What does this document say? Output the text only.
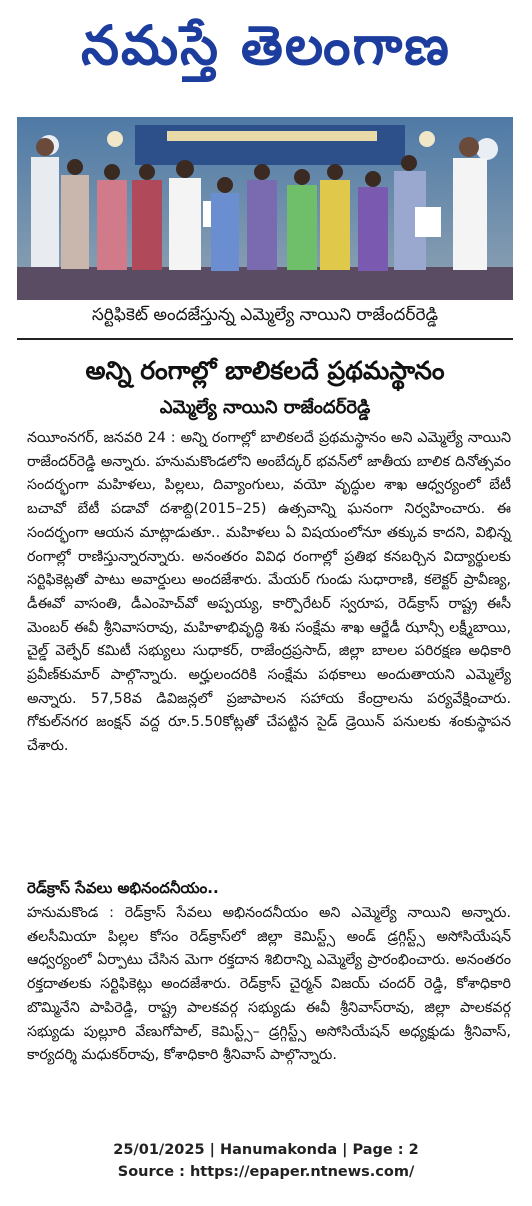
నమస్తే తెలంగాణ
సర్టిఫికెట్ అందజేస్తున్న ఎమ్మెల్యే నాయిని రాజేందర్‌రెడ్డి
అన్ని రంగాల్లో బాలికలదే ప్రథమస్థానం
ఎమ్మెల్యే నాయిని రాజేందర్‌రెడ్డి

నయీంనగర్, జనవరి 24 : అన్ని రంగాల్లో బాలికలదే ప్రథమస్థానం అని ఎమ్మెల్యే నాయిని రాజేందర్‌రెడ్డి అన్నారు. హనుమకొండలోని అంబేద్కర్ భవన్‌లో జాతీయ బాలిక దినోత్సవం సందర్భంగా మహిళలు, పిల్లలు, దివ్యాంగులు, వయో వృద్ధుల శాఖ ఆధ్వర్యంలో బేటీ బచావో బేటీ పడావో దశాబ్ది(2015–25) ఉత్సవాన్ని ఘనంగా నిర్వహించారు. ఈ సందర్భంగా ఆయన మాట్లాడుతూ.. మహిళలు ఏ విషయంలోనూ తక్కువ కాదని, విభిన్న రంగాల్లో రాణిస్తున్నారన్నారు. అనంతరం వివిధ రంగాల్లో ప్రతిభ కనబర్చిన విద్యార్థులకు సర్టిఫికెట్లతో పాటు అవార్డులు అందజేశారు. మేయర్ గుండు సుధారాణి, కలెక్టర్ ప్రావీణ్య, డీఈవో వాసంతి, డీఎంహెచ్‌వో అప్పయ్య, కార్పొరేటర్ స్వరూప, రెడ్‌క్రాస్ రాష్ట్ర ఈసీ మెంబర్ ఈవీ శ్రీనివాసరావు, మహిళాభివృద్ధి శిశు సంక్షేమ శాఖ ఆర్జేడీ ఝాన్సీ లక్ష్మీబాయి, చైల్డ్ వెల్ఫేర్ కమిటీ సభ్యులు సుధాకర్, రాజేంద్రప్రసాద్, జిల్లా బాలల పరిరక్షణ అధికారి ప్రవీణ్‌కుమార్ పాల్గొన్నారు. అర్హులందరికి సంక్షేమ పథకాలు అందుతాయని ఎమ్మెల్యే అన్నారు. 57,58వ డివిజన్లలో ప్రజాపాలన సహాయ కేంద్రాలను పర్యవేక్షించారు. గోకుల్‌నగర జంక్షన్ వద్ద రూ.5.50కోట్లతో చేపట్టిన సైడ్ డ్రెయిన్ పనులకు శంకుస్థాపన చేశారు.

రెడ్‌క్రాస్ సేవలు అభినందనీయం..

హనుమకొండ : రెడ్‌క్రాస్ సేవలు అభినందనీయం అని ఎమ్మెల్యే నాయిని అన్నారు. తలసీమియా పిల్లల కోసం రెడ్‌క్రాస్‌లో జిల్లా కెమిస్ట్స్ అండ్ డ్రగ్గిస్ట్స్ అసోసియేషన్ ఆధ్వర్యంలో ఏర్పాటు చేసిన మెగా రక్తదాన శిబిరాన్ని ఎమ్మెల్యే ప్రారంభించారు. అనంతరం రక్తదాతలకు సర్టిఫికెట్లు అందజేశారు. రెడ్‌క్రాస్ చైర్మన్ విజయ్ చందర్ రెడ్డి, కోశాధికారి బొమ్మినేని పాపిరెడ్డి, రాష్ట్ర పాలకవర్గ సభ్యుడు ఈవీ శ్రీనివాస్‌రావు, జిల్లా పాలకవర్గ సభ్యుడు పుల్లూరి వేణుగోపాల్, కెమిస్ట్స్– డ్రగ్గిస్ట్స్ అసోసియేషన్ అధ్యక్షుడు శ్రీనివాస్, కార్యదర్శి మధుకర్‌రావు, కోశాధికారి శ్రీనివాస్ పాల్గొన్నారు.

25/01/2025 | Hanumakonda | Page : 2
Source : https://epaper.ntnews.com/
